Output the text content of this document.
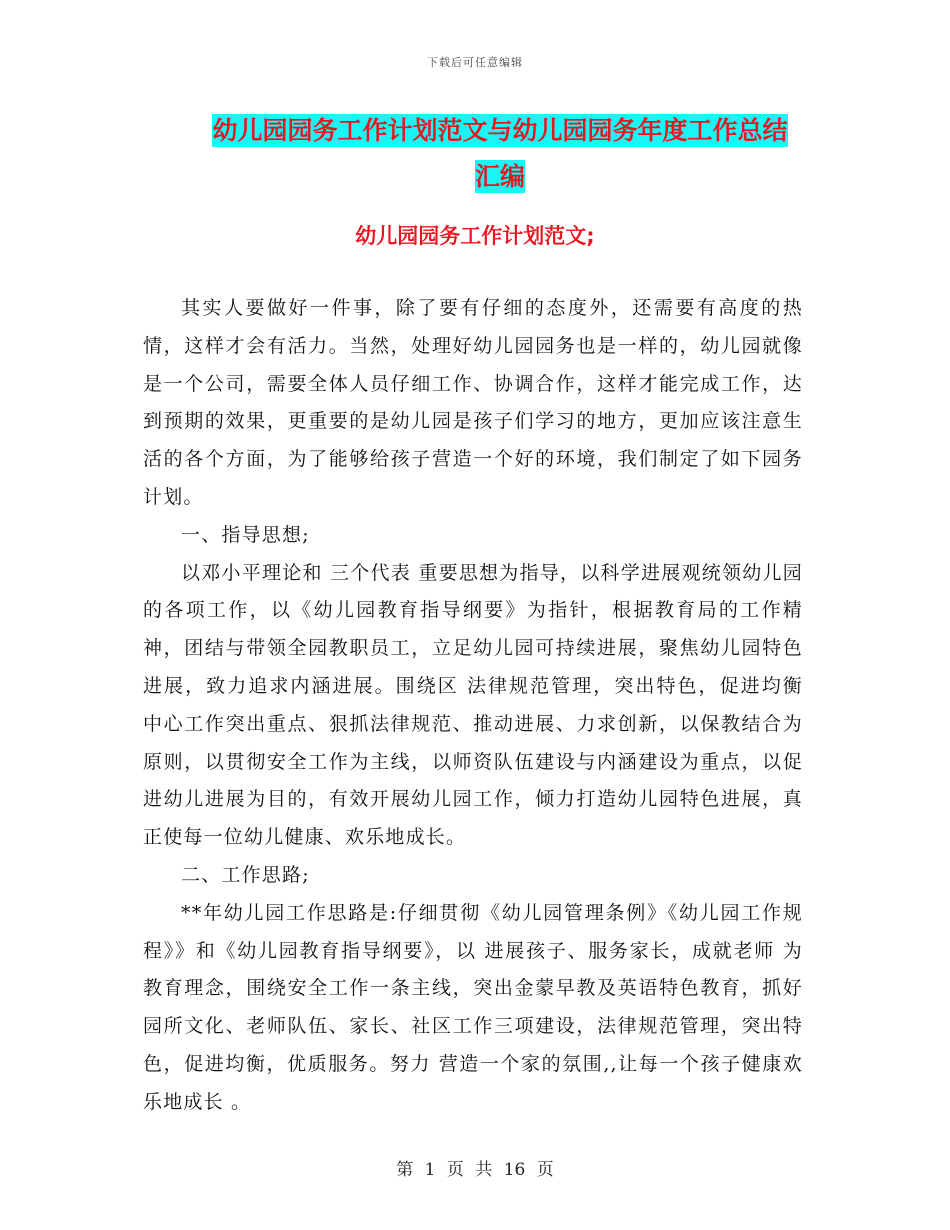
下载后可任意编辑
幼儿园园务工作计划范文与幼儿园园务年度工作总结
汇编
幼儿园园务工作计划范文;

其实人要做好一件事，除了要有仔细的态度外，还需要有高度的热情，这样才会有活力。当然，处理好幼儿园园务也是一样的，幼儿园就像是一个公司，需要全体人员仔细工作、协调合作，这样才能完成工作，达到预期的效果，更重要的是幼儿园是孩子们学习的地方，更加应该注意生活的各个方面，为了能够给孩子营造一个好的环境，我们制定了如下园务计划。

一、指导思想;

以邓小平理论和 三个代表 重要思想为指导，以科学进展观统领幼儿园的各项工作，以《幼儿园教育指导纲要》为指针，根据教育局的工作精神，团结与带领全园教职员工，立足幼儿园可持续进展，聚焦幼儿园特色进展，致力追求内涵进展。围绕区 法律规范管理，突出特色，促进均衡 中心工作突出重点、狠抓法律规范、推动进展、力求创新，以保教结合为原则，以贯彻安全工作为主线，以师资队伍建设与内涵建设为重点，以促进幼儿进展为目的，有效开展幼儿园工作，倾力打造幼儿园特色进展，真正使每一位幼儿健康、欢乐地成长。

二、工作思路;

**年幼儿园工作思路是:仔细贯彻《幼儿园管理条例》《幼儿园工作规程》》和《幼儿园教育指导纲要》，以 进展孩子、服务家长，成就老师 为教育理念，围绕安全工作一条主线，突出金蒙早教及英语特色教育，抓好园所文化、老师队伍、家长、社区工作三项建设，法律规范管理，突出特色，促进均衡，优质服务。努力 营造一个家的氛围,,让每一个孩子健康欢乐地成长 。

第 1 页 共 16 页
